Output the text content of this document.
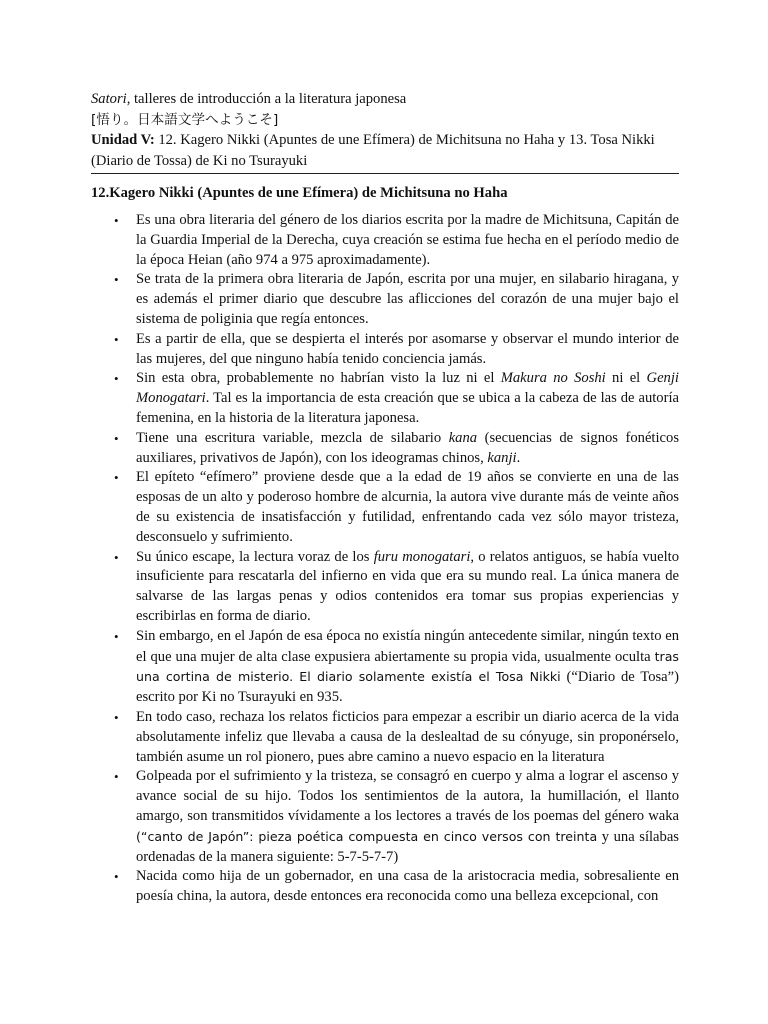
Satori, talleres de introducción a la literatura japonesa
[悟り。日本語文学へようこそ]
Unidad V: 12. Kagero Nikki (Apuntes de une Efímera) de Michitsuna no Haha y 13. Tosa Nikki (Diario de Tossa) de Ki no Tsurayuki
12.Kagero Nikki (Apuntes de une Efímera) de Michitsuna no Haha
• Es una obra literaria del género de los diarios escrita por la madre de Michitsuna, Capitán de la Guardia Imperial de la Derecha, cuya creación se estima fue hecha en el período medio de la época Heian (año 974 a 975 aproximadamente).
• Se trata de la primera obra literaria de Japón, escrita por una mujer, en silabario hiragana, y es además el primer diario que descubre las aflicciones del corazón de una mujer bajo el sistema de poliginia que regía entonces.
• Es a partir de ella, que se despierta el interés por asomarse y observar el mundo interior de las mujeres, del que ninguno había tenido conciencia jamás.
• Sin esta obra, probablemente no habrían visto la luz ni el Makura no Soshi ni el Genji Monogatari. Tal es la importancia de esta creación que se ubica a la cabeza de las de autoría femenina, en la historia de la literatura japonesa.
• Tiene una escritura variable, mezcla de silabario kana (secuencias de signos fonéticos auxiliares, privativos de Japón), con los ideogramas chinos, kanji.
• El epíteto “efímero” proviene desde que a la edad de 19 años se convierte en una de las esposas de un alto y poderoso hombre de alcurnia, la autora vive durante más de veinte años de su existencia de insatisfacción y futilidad, enfrentando cada vez sólo mayor tristeza, desconsuelo y sufrimiento.
• Su único escape, la lectura voraz de los furu monogatari, o relatos antiguos, se había vuelto insuficiente para rescatarla del infierno en vida que era su mundo real. La única manera de salvarse de las largas penas y odios contenidos era tomar sus propias experiencias y escribirlas en forma de diario.
• Sin embargo, en el Japón de esa época no existía ningún antecedente similar, ningún texto en el que una mujer de alta clase expusiera abiertamente su propia vida, usualmente oculta tras una cortina de misterio. El diario solamente existía el Tosa Nikki (“Diario de Tosa”) escrito por Ki no Tsurayuki en 935.
• En todo caso, rechaza los relatos ficticios para empezar a escribir un diario acerca de la vida absolutamente infeliz que llevaba a causa de la deslealtad de su cónyuge, sin proponérselo, también asume un rol pionero, pues abre camino a nuevo espacio en la literatura
• Golpeada por el sufrimiento y la tristeza, se consagró en cuerpo y alma a lograr el ascenso y avance social de su hijo. Todos los sentimientos de la autora, la humillación, el llanto amargo, son transmitidos vívidamente a los lectores a través de los poemas del género waka (“canto de Japón”: pieza poética compuesta en cinco versos con treinta y una sílabas ordenadas de la manera siguiente: 5-7-5-7-7)
• Nacida como hija de un gobernador, en una casa de la aristocracia media, sobresaliente en poesía china, la autora, desde entonces era reconocida como una belleza excepcional, con
